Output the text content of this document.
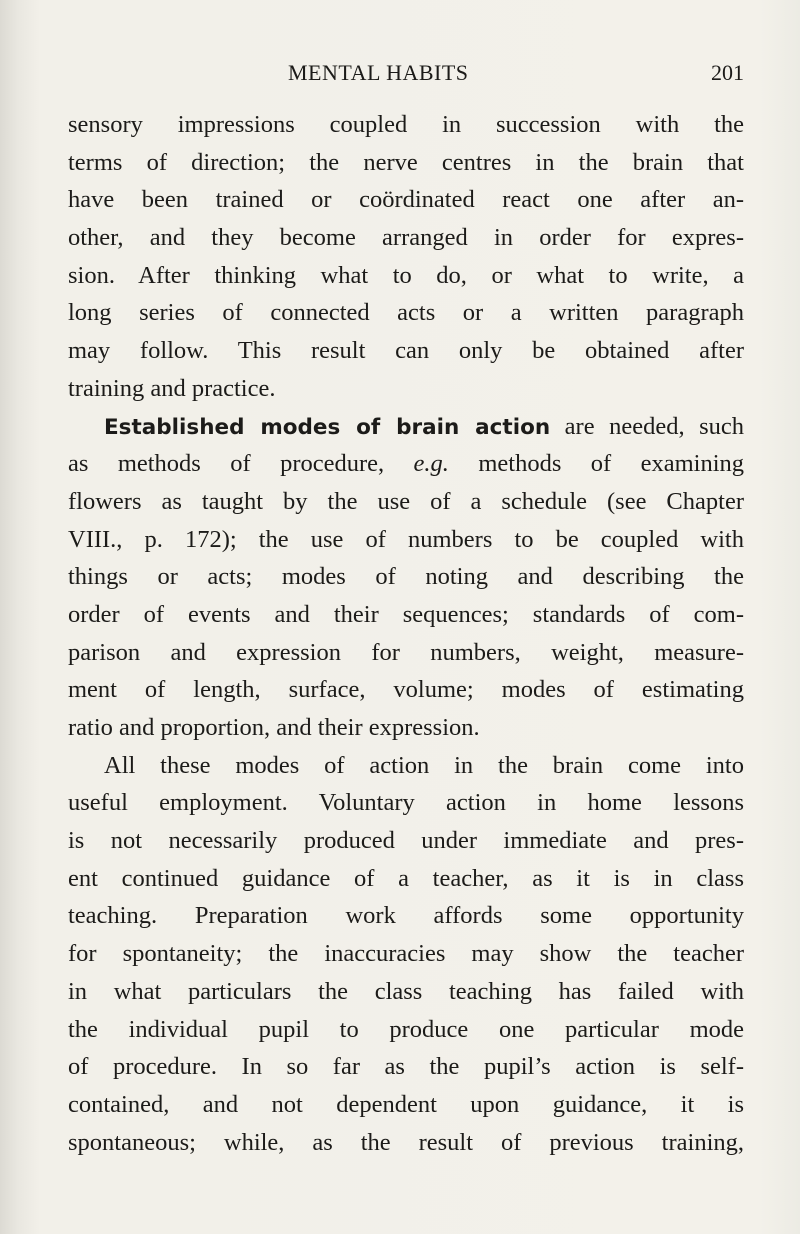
MENTAL HABITS	201
sensory impressions coupled in succession with the
terms of direction; the nerve centres in the brain that
have been trained or coördinated react one after an-
other, and they become arranged in order for expres-
sion. After thinking what to do, or what to write, a
long series of connected acts or a written paragraph
may follow. This result can only be obtained after
training and practice.
Established modes of brain action are needed, such
as methods of procedure, e.g. methods of examining
flowers as taught by the use of a schedule (see Chapter
VIII., p. 172); the use of numbers to be coupled with
things or acts; modes of noting and describing the
order of events and their sequences; standards of com-
parison and expression for numbers, weight, measure-
ment of length, surface, volume; modes of estimating
ratio and proportion, and their expression.
All these modes of action in the brain come into
useful employment. Voluntary action in home lessons
is not necessarily produced under immediate and pres-
ent continued guidance of a teacher, as it is in class
teaching. Preparation work affords some opportunity
for spontaneity; the inaccuracies may show the teacher
in what particulars the class teaching has failed with
the individual pupil to produce one particular mode
of procedure. In so far as the pupil’s action is self-
contained, and not dependent upon guidance, it is
spontaneous; while, as the result of previous training,
